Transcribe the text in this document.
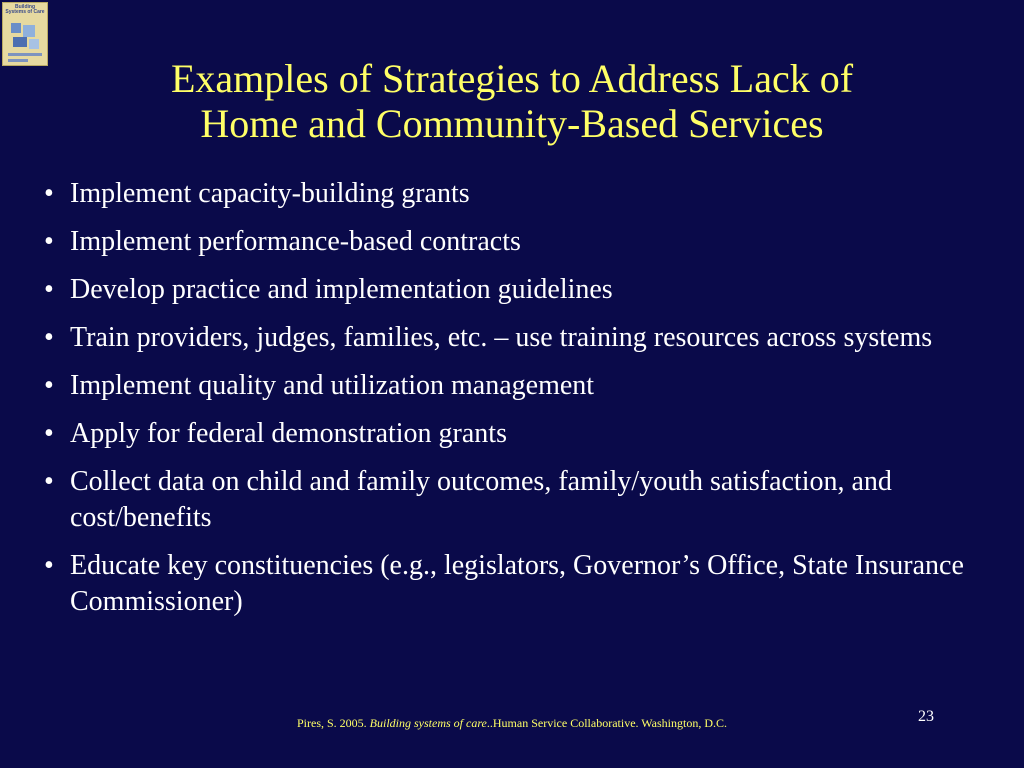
Building Systems of Care
Examples of Strategies to Address Lack of
Home and Community-Based Services
• Implement capacity-building grants
• Implement performance-based contracts
• Develop practice and implementation guidelines
• Train providers, judges, families, etc. – use training resources across systems
• Implement quality and utilization management
• Apply for federal demonstration grants
• Collect data on child and family outcomes, family/youth satisfaction, and cost/benefits
• Educate key constituencies (e.g., legislators, Governor’s Office, State Insurance Commissioner)
Pires, S. 2005. Building systems of care..Human Service Collaborative. Washington, D.C.	23
